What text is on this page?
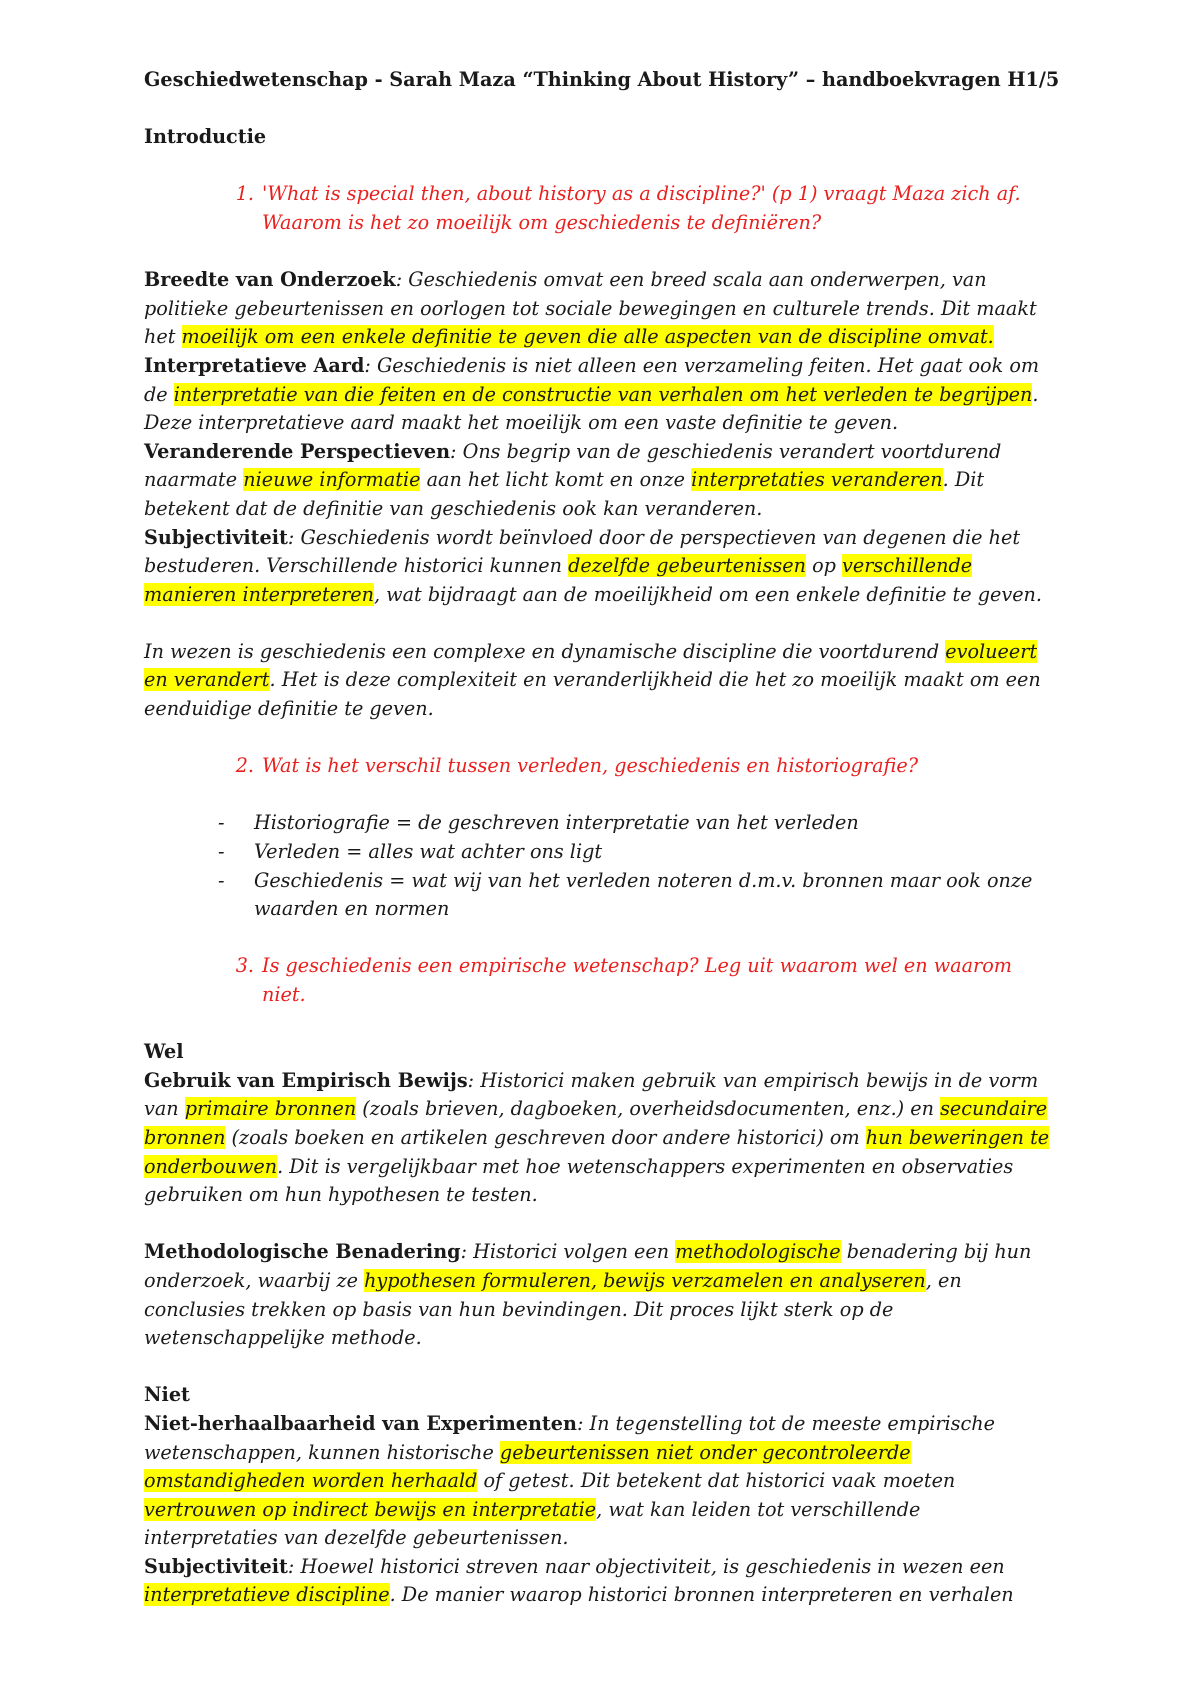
Geschiedwetenschap - Sarah Maza “Thinking About History” – handboekvragen H1/5

Introductie

1. 'What is special then, about history as a discipline?' (p 1) vraagt Maza zich af. Waarom is het zo moeilijk om geschiedenis te definiëren?

Breedte van Onderzoek: Geschiedenis omvat een breed scala aan onderwerpen, van politieke gebeurtenissen en oorlogen tot sociale bewegingen en culturele trends. Dit maakt het moeilijk om een enkele definitie te geven die alle aspecten van de discipline omvat.

Interpretatieve Aard: Geschiedenis is niet alleen een verzameling feiten. Het gaat ook om de interpretatie van die feiten en de constructie van verhalen om het verleden te begrijpen. Deze interpretatieve aard maakt het moeilijk om een vaste definitie te geven.

Veranderende Perspectieven: Ons begrip van de geschiedenis verandert voortdurend naarmate nieuwe informatie aan het licht komt en onze interpretaties veranderen. Dit betekent dat de definitie van geschiedenis ook kan veranderen.

Subjectiviteit: Geschiedenis wordt beïnvloed door de perspectieven van degenen die het bestuderen. Verschillende historici kunnen dezelfde gebeurtenissen op verschillende manieren interpreteren, wat bijdraagt aan de moeilijkheid om een enkele definitie te geven.

In wezen is geschiedenis een complexe en dynamische discipline die voortdurend evolueert en verandert. Het is deze complexiteit en veranderlijkheid die het zo moeilijk maakt om een eenduidige definitie te geven.

2. Wat is het verschil tussen verleden, geschiedenis en historiografie?
-	Historiografie = de geschreven interpretatie van het verleden
-	Verleden = alles wat achter ons ligt
-	Geschiedenis = wat wij van het verleden noteren d.m.v. bronnen maar ook onze waarden en normen
3. Is geschiedenis een empirische wetenschap? Leg uit waarom wel en waarom niet.

Wel

Gebruik van Empirisch Bewijs: Historici maken gebruik van empirisch bewijs in de vorm van primaire bronnen (zoals brieven, dagboeken, overheidsdocumenten, enz.) en secundaire bronnen (zoals boeken en artikelen geschreven door andere historici) om hun beweringen te onderbouwen. Dit is vergelijkbaar met hoe wetenschappers experimenten en observaties gebruiken om hun hypothesen te testen.

Methodologische Benadering: Historici volgen een methodologische benadering bij hun onderzoek, waarbij ze hypothesen formuleren, bewijs verzamelen en analyseren, en conclusies trekken op basis van hun bevindingen. Dit proces lijkt sterk op de wetenschappelijke methode.

Niet

Niet-herhaalbaarheid van Experimenten: In tegenstelling tot de meeste empirische wetenschappen, kunnen historische gebeurtenissen niet onder gecontroleerde omstandigheden worden herhaald of getest. Dit betekent dat historici vaak moeten vertrouwen op indirect bewijs en interpretatie, wat kan leiden tot verschillende interpretaties van dezelfde gebeurtenissen.

Subjectiviteit: Hoewel historici streven naar objectiviteit, is geschiedenis in wezen een interpretatieve discipline. De manier waarop historici bronnen interpreteren en verhalen
